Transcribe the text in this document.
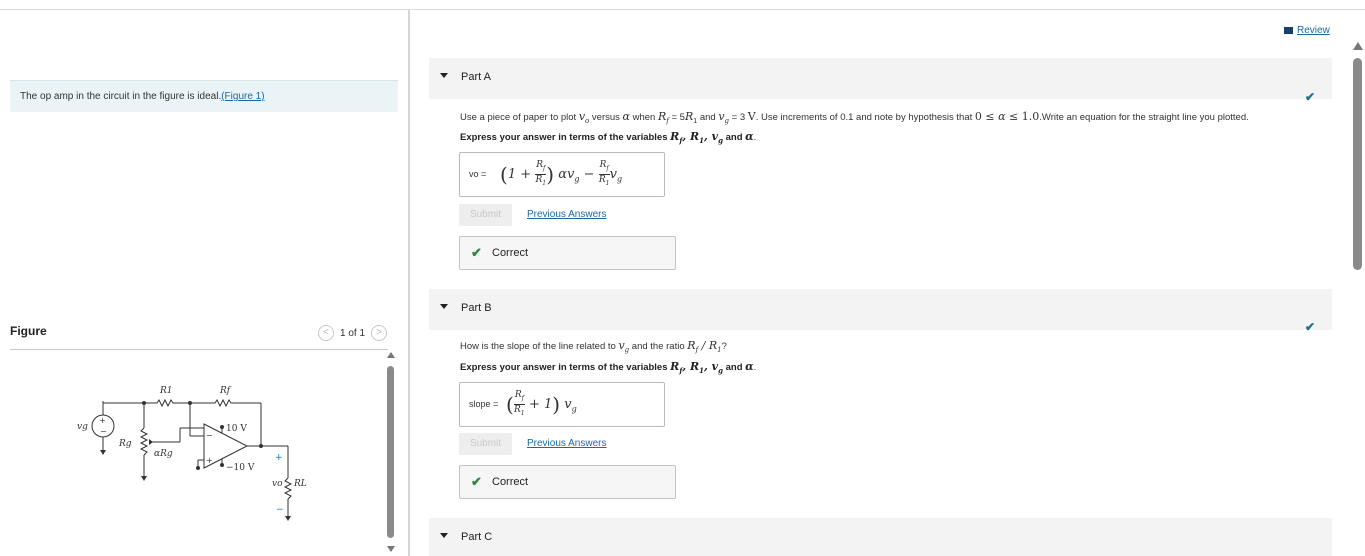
The op amp in the circuit in the figure is ideal.(Figure 1)
Figure	<	1 of 1	>
R1	Rf
vg
Rg
αRg
10 V
−10 V
vo RL
+
−
+
−	−
+
Review
Part A
✔
Use a piece of paper to plot $v_o$ versus α when $R_f = 5R_1$ and $v_g = 3$ V. Use increments of 0.1 and note by hypothesis that 0 ≤ α ≤ 1.0.Write an equation for the straight line you plotted.
Express your answer in terms of the variables $R_f$, $R_1$, $v_g$ and α.
vo = ($1 + \frac{R_f}{R_1}$ ) $\alpha v_g - \frac{R_f}{R_1} v_g$
Submit	Previous Answers
✔ Correct
Part B
✔
How is the slope of the line related to $v_g$ and the ratio $R_f / R_1$?
Express your answer in terms of the variables $R_f$, $R_1$, $v_g$ and α.
slope = ( $\frac{R_f}{R_1} + 1$) $v_g$
Submit	Previous Answers
✔ Correct
Part C
